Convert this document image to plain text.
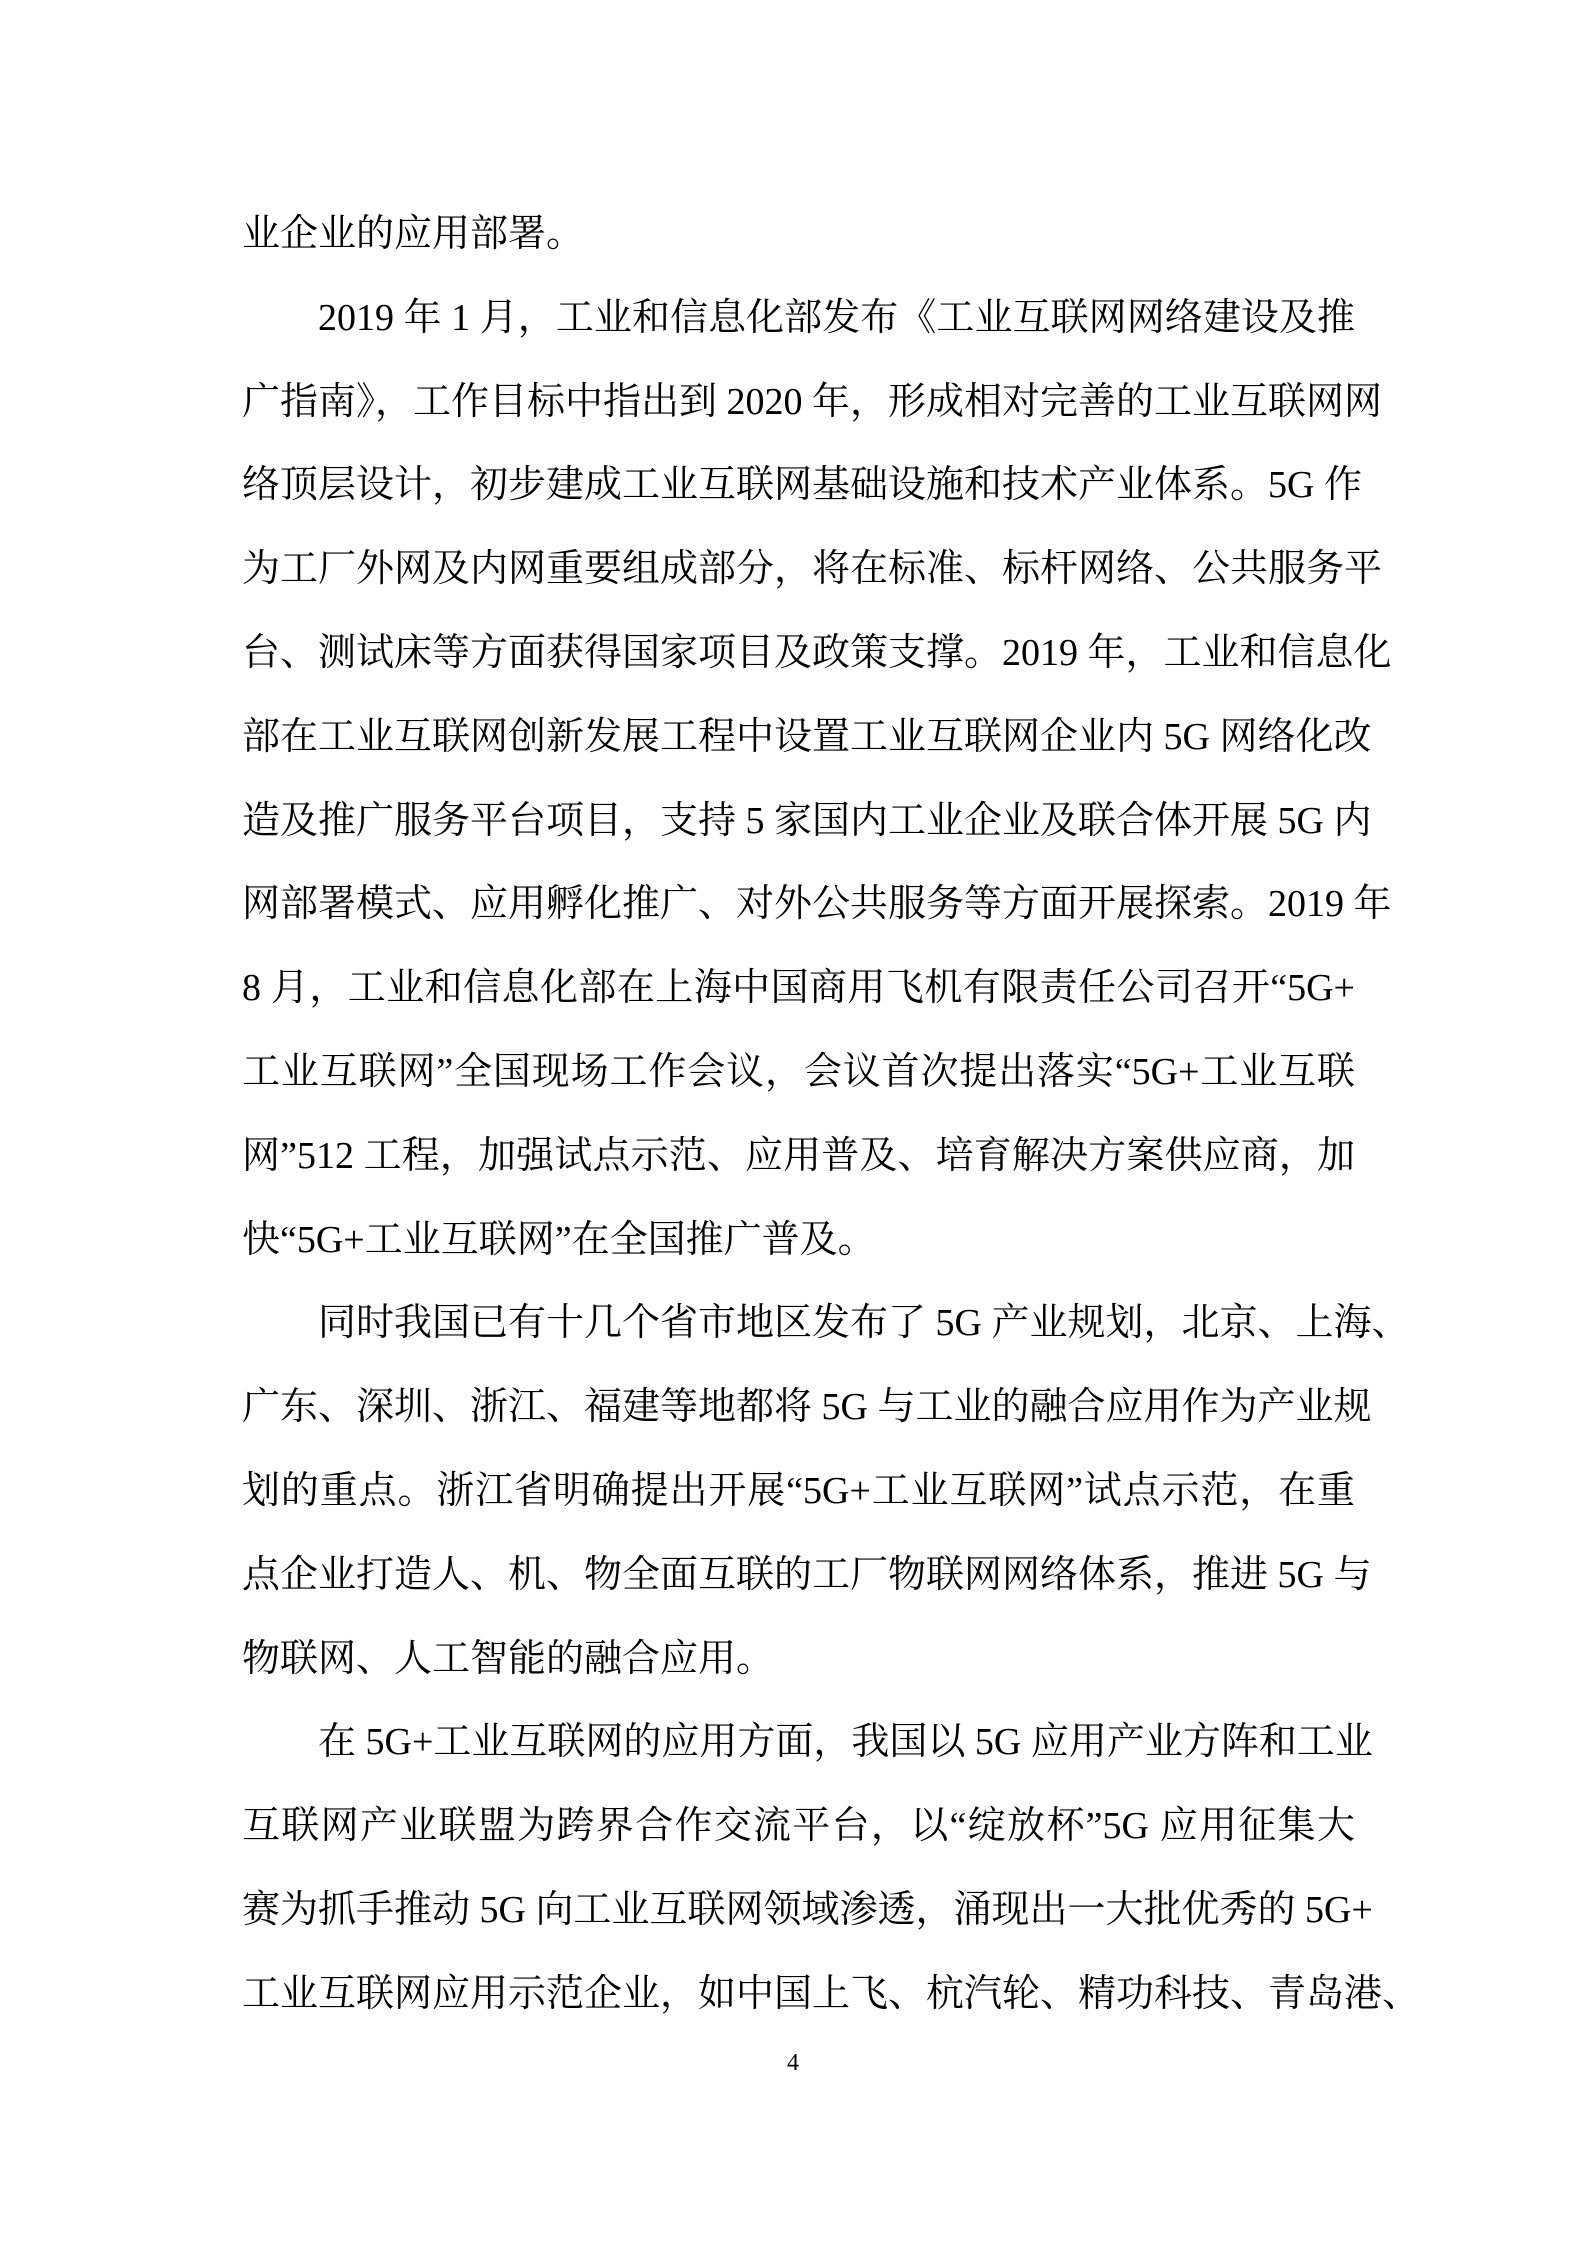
业企业的应用部署。
2019 年 1 月，工业和信息化部发布《工业互联网网络建设及推
广指南》，工作目标中指出到 2020 年，形成相对完善的工业互联网网
络顶层设计，初步建成工业互联网基础设施和技术产业体系。5G 作
为工厂外网及内网重要组成部分，将在标准、标杆网络、公共服务平
台、测试床等方面获得国家项目及政策支撑。2019 年，工业和信息化
部在工业互联网创新发展工程中设置工业互联网企业内 5G 网络化改
造及推广服务平台项目，支持 5 家国内工业企业及联合体开展 5G 内
网部署模式、应用孵化推广、对外公共服务等方面开展探索。2019 年
8 月，工业和信息化部在上海中国商用飞机有限责任公司召开“5G+
工业互联网”全国现场工作会议，会议首次提出落实“5G+工业互联
网”512 工程，加强试点示范、应用普及、培育解决方案供应商，加
快“5G+工业互联网”在全国推广普及。
同时我国已有十几个省市地区发布了 5G 产业规划，北京、上海、
广东、深圳、浙江、福建等地都将 5G 与工业的融合应用作为产业规
划的重点。浙江省明确提出开展“5G+工业互联网”试点示范，在重
点企业打造人、机、物全面互联的工厂物联网网络体系，推进 5G 与
物联网、人工智能的融合应用。
在 5G+工业互联网的应用方面，我国以 5G 应用产业方阵和工业
互联网产业联盟为跨界合作交流平台，以“绽放杯”5G 应用征集大
赛为抓手推动 5G 向工业互联网领域渗透，涌现出一大批优秀的 5G+
工业互联网应用示范企业，如中国上飞、杭汽轮、精功科技、青岛港、
4
